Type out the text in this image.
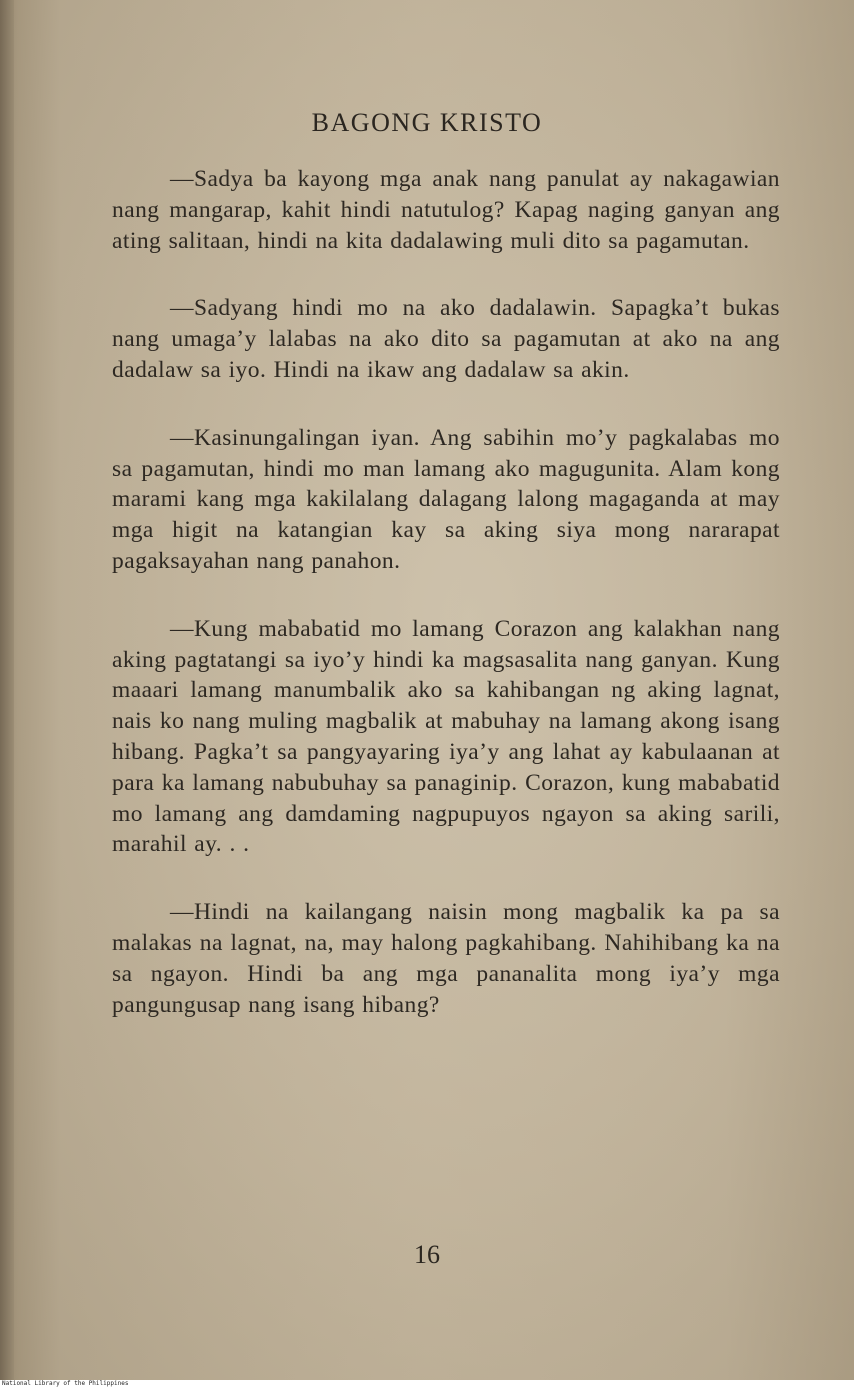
BAGONG KRISTO

—Sadya ba kayong mga anak nang panulat ay nakagawian nang mangarap, kahit hindi natutulog? Kapag naging ganyan ang ating salitaan, hindi na kita dadalawing muli dito sa pagamutan.

—Sadyang hindi mo na ako dadalawin. Sapagka’t bukas nang umaga’y lalabas na ako dito sa pagamutan at ako na ang dadalaw sa iyo. Hindi na ikaw ang dadalaw sa akin.

—Kasinungalingan iyan. Ang sabihin mo’y pagkalabas mo sa pagamutan, hindi mo man lamang ako magugunita. Alam kong marami kang mga kakilalang dalagang lalong magaganda at may mga higit na katangian kay sa aking siya mong nararapat pagaksayahan nang panahon.

—Kung mababatid mo lamang Corazon ang kalakhan nang aking pagtatangi sa iyo’y hindi ka magsasalita nang ganyan. Kung maaari lamang manumbalik ako sa kahibangan ng aking lagnat, nais ko nang muling magbalik at mabuhay na lamang akong isang hibang. Pagka’t sa pangyayaring iya’y ang lahat ay kabulaanan at para ka lamang nabubuhay sa panaginip. Corazon, kung mababatid mo lamang ang damdaming nagpupuyos ngayon sa aking sarili, marahil ay. . .

—Hindi na kailangang naisin mong magbalik ka pa sa malakas na lagnat, na, may halong pagkahibang. Nahihibang ka na sa ngayon. Hindi ba ang mga pananalita mong iya’y mga pangungusap nang isang hibang?

16
National Library of the Philippines
